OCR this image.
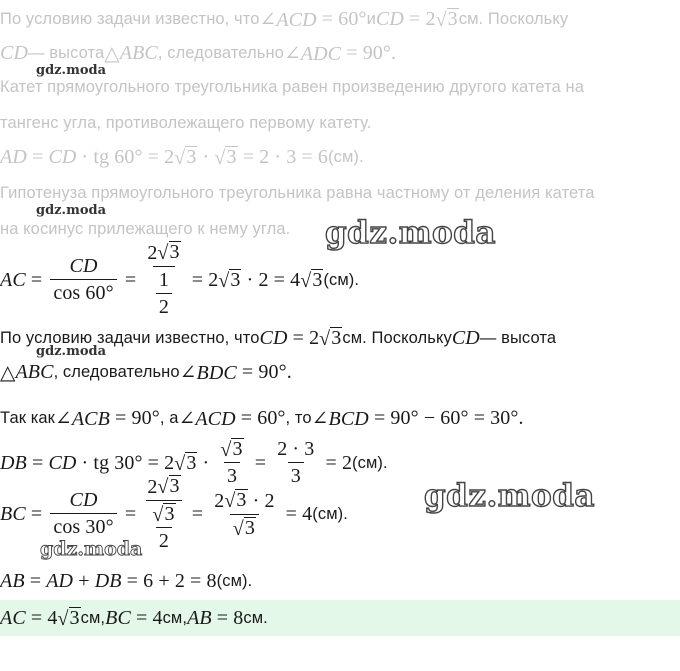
По условию задачи известно, что ∠ACD = 60° и CD = 2 √ 3 см. Поскольку
CD — высота △ ABC , следовательно ∠ADC = 90°.
Катет прямоугольного треугольника равен произведению другого катета на
тангенс угла, противолежащего первому катету.
AD = CD · tg 60° = 2 √ 3 · √ 3 = 2 · 3 = 6 (см).
Гипотенуза прямоугольного треугольника равна частному от деления катета
на косинус прилежащего к нему угла.
AC = $\frac{CD}{\cos 60^\circ} = \frac{2 √ 3}{\frac{1}{2}} = 2$ √ 3 · 2 = 4 √ 3 (см).
По условию задачи известно, что CD = 2 √ 3 см. Поскольку CD — высота
△ ABC , следовательно ∠BDC = 90°.
Так как ∠ACB = 90° , а ∠ACD = 60° , то ∠BCD = 90° − 60° = 30°.
DB = CD · tg 30° = 2 √ $3 \cdot \frac{√ 3}{3} = \frac{2 \cdot 3}{3} = 2$ (см).
BC = $\frac{CD}{\cos 30^\circ} = \frac{2 √ 3}{\frac{√ 3}{2}} = \frac{2 √ 3 \cdot 2}{√ 3} = 4$ (см).
AB = AD + DB = 6 + 2 = 8 (см).
AC = 4 √ 3 см, BC = 4 см, AB = 8 см.
gdz.moda
gdz.moda
gdz.moda
gdz.moda
gdz.moda
gdz.moda
